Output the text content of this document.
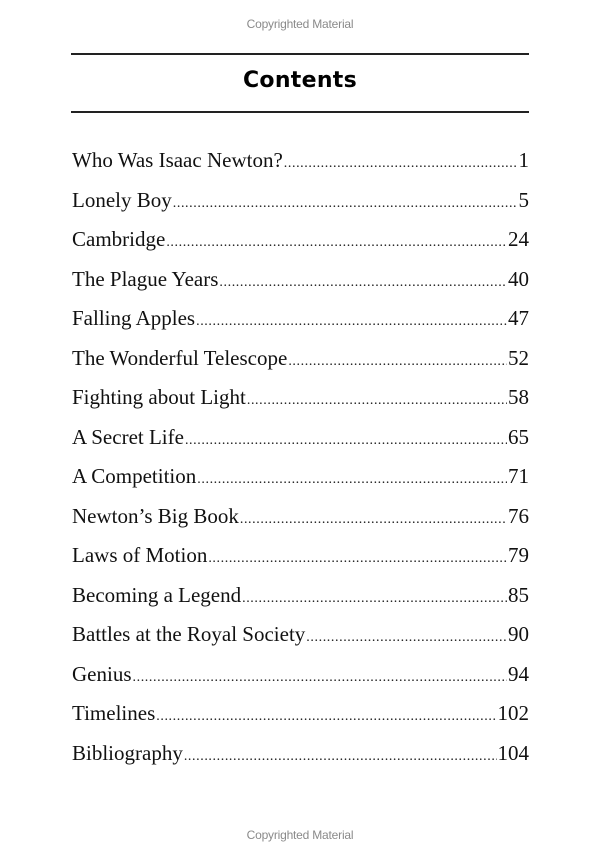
Copyrighted Material
Contents
Who Was Isaac Newton? .....	1
Lonely Boy .....	5
Cambridge .....	24
The Plague Years .....	40
Falling Apples .....	47
The Wonderful Telescope .....	52
Fighting about Light .....	58
A Secret Life .....	65
A Competition .....	71
Newton’s Big Book .....	76
Laws of Motion .....	79
Becoming a Legend .....	85
Battles at the Royal Society .....	90
Genius .....	94
Timelines .....	102
Bibliography .....	104
Copyrighted Material
